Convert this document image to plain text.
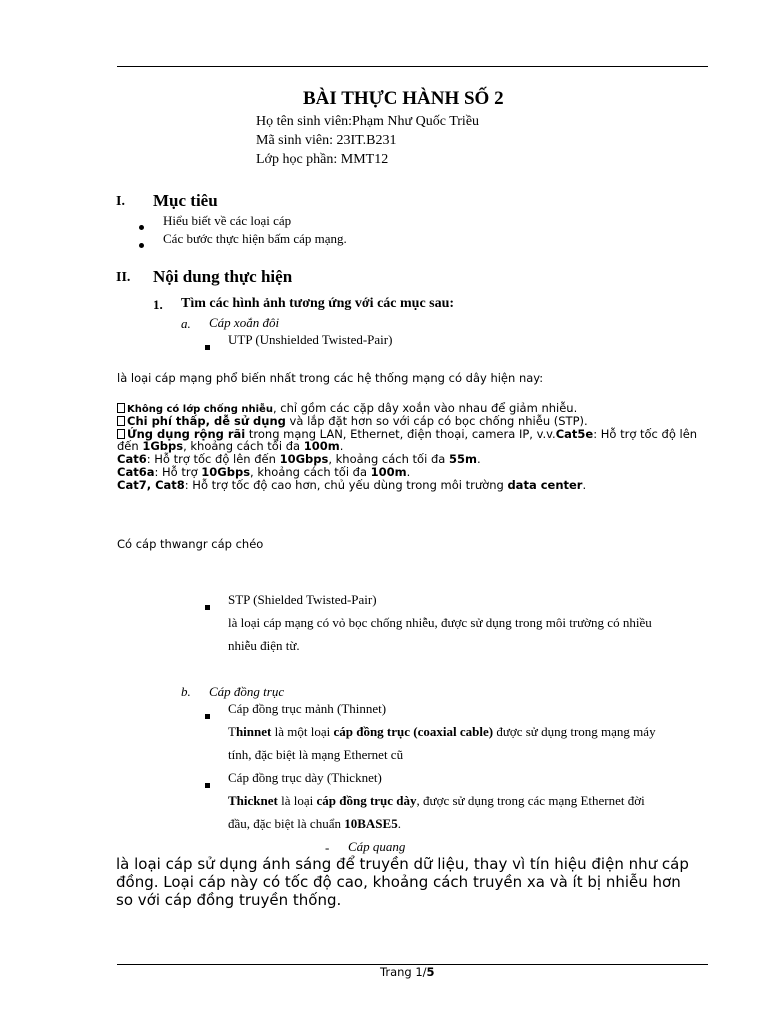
BÀI THỰC HÀNH SỐ 2
Họ tên sinh viên:Phạm Như Quốc Triều
Mã sinh viên: 23IT.B231
Lớp học phần: MMT12
I. Mục tiêu
Hiểu biết về các loại cáp
Các bước thực hiện bấm cáp mạng.
II. Nội dung thực hiện
1. Tìm các hình ảnh tương ứng với các mục sau:
a. Cáp xoắn đôi
UTP (Unshielded Twisted-Pair)
là loại cáp mạng phổ biến nhất trong các hệ thống mạng có dây hiện nay:
Không có lớp chống nhiễu, chỉ gồm các cặp dây xoắn vào nhau để giảm nhiễu.
Chi phí thấp, dễ sử dụng và lắp đặt hơn so với cáp có bọc chống nhiễu (STP).
Ứng dụng rộng rãi trong mạng LAN, Ethernet, điện thoại, camera IP, v.v.Cat5e: Hỗ trợ tốc độ lên
đến 1Gbps, khoảng cách tối đa 100m.
Cat6: Hỗ trợ tốc độ lên đến 10Gbps, khoảng cách tối đa 55m.
Cat6a: Hỗ trợ 10Gbps, khoảng cách tối đa 100m.
Cat7, Cat8: Hỗ trợ tốc độ cao hơn, chủ yếu dùng trong môi trường data center.
Có cáp thwangr cáp chéo
STP (Shielded Twisted-Pair)
là loại cáp mạng có vỏ bọc chống nhiễu, được sử dụng trong môi trường có nhiều
nhiễu điện từ.
b. Cáp đồng trục
Cáp đồng trục mảnh (Thinnet)
Thinnet là một loại cáp đồng trục (coaxial cable) được sử dụng trong mạng máy
tính, đặc biệt là mạng Ethernet cũ
Cáp đồng trục dày (Thicknet)
Thicknet là loại cáp đồng trục dày, được sử dụng trong các mạng Ethernet đời
đầu, đặc biệt là chuẩn 10BASE5.
- Cáp quang
là loại cáp sử dụng ánh sáng để truyền dữ liệu, thay vì tín hiệu điện như cáp
đồng. Loại cáp này có tốc độ cao, khoảng cách truyền xa và ít bị nhiễu hơn
so với cáp đồng truyền thống.
Trang 1/5
